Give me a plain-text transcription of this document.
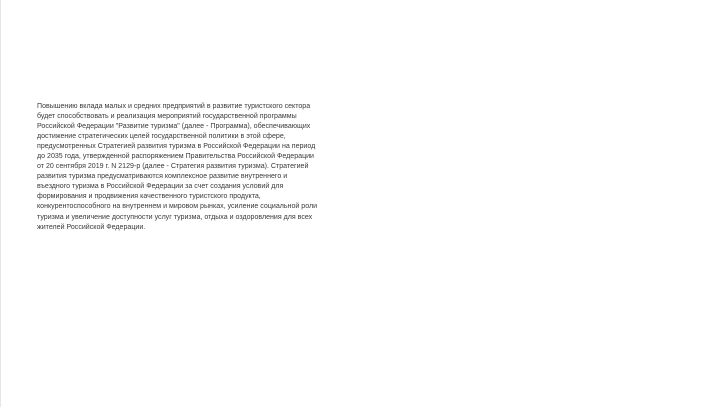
Повышению вклада малых и средних предприятий в развитие туристского сектора
будет способствовать и реализация мероприятий государственной программы
Российской Федерации "Развитие туризма" (далее - Программа), обеспечивающих
достижение стратегических целей государственной политики в этой сфере,
предусмотренных Стратегией развития туризма в Российской Федерации на период
до 2035 года, утвержденной распоряжением Правительства Российской Федерации
от 20 сентября 2019 г. N 2129-р (далее - Стратегия развития туризма). Стратегией
развития туризма предусматриваются комплексное развитие внутреннего и
въездного туризма в Российской Федерации за счет создания условий для
формирования и продвижения качественного туристского продукта,
конкурентоспособного на внутреннем и мировом рынках, усиление социальной роли
туризма и увеличение доступности услуг туризма, отдыха и оздоровления для всех
жителей Российской Федерации.
